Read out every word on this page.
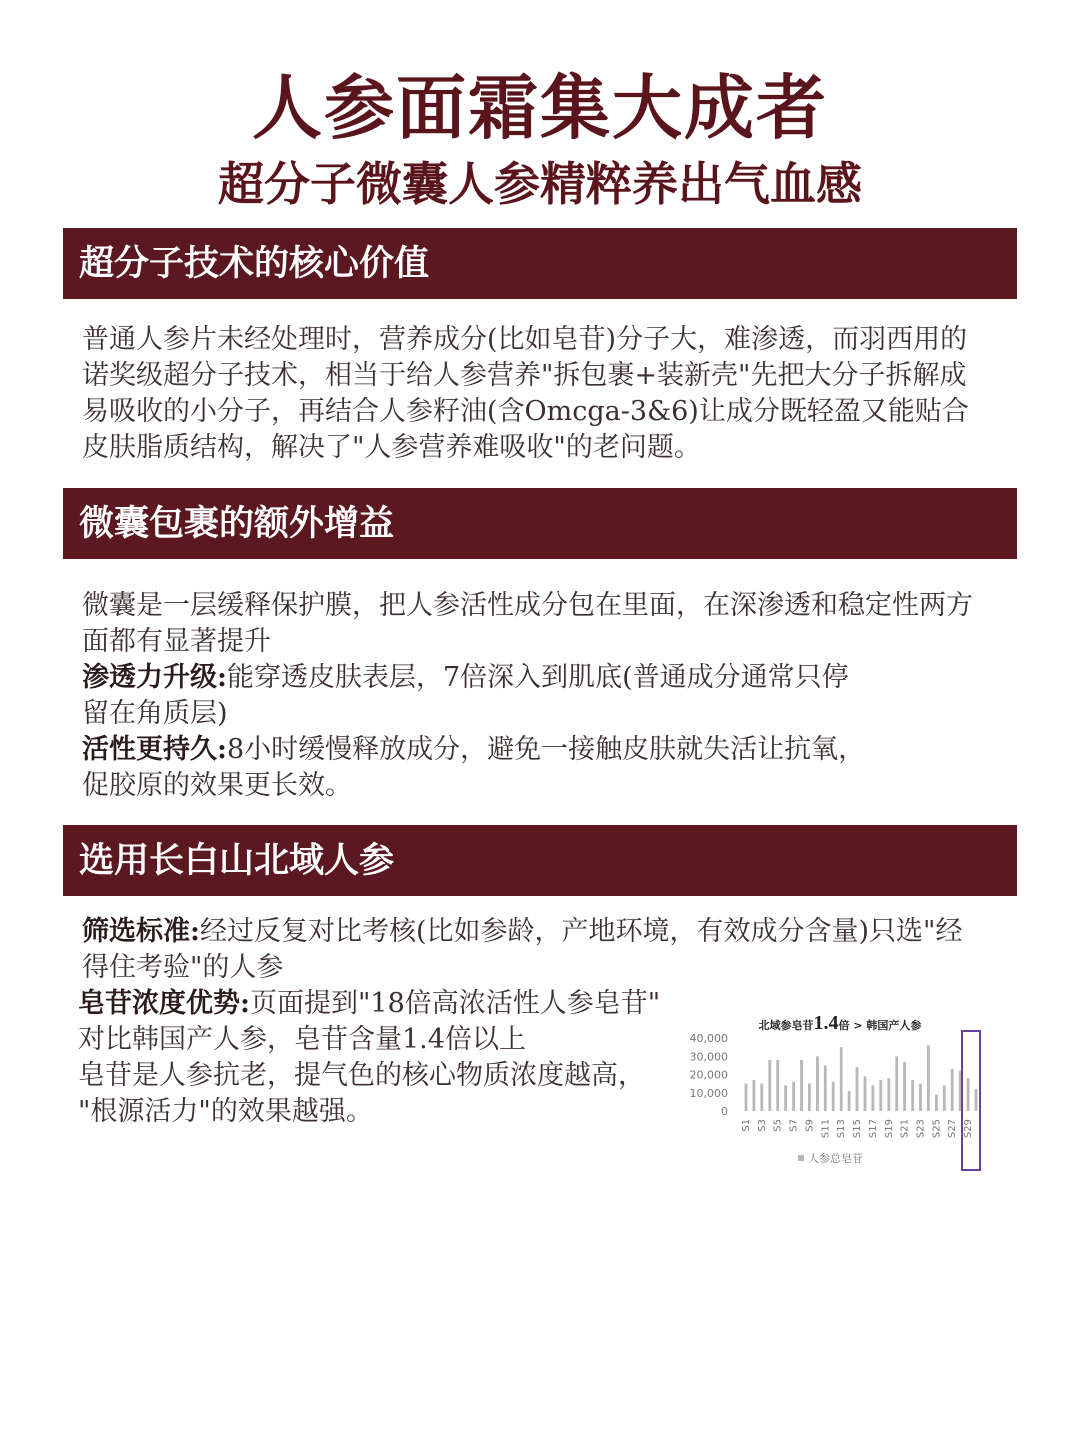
人参面霜集大成者
超分子微囊人参精粹养出气血感
超分子技术的核心价值
普通人参片未经处理时，营养成分(比如皂苷)分子大，难渗透，而羽西用的
诺奖级超分子技术，相当于给人参营养"拆包裹+装新壳"先把大分子拆解成
易吸收的小分子，再结合人参籽油(含Omcga-3&6)让成分既轻盈又能贴合
皮肤脂质结构，解决了"人参营养难吸收"的老问题。
微囊包裹的额外增益
微囊是一层缓释保护膜，把人参活性成分包在里面，在深渗透和稳定性两方
面都有显著提升
渗透力升级:能穿透皮肤表层，7倍深入到肌底(普通成分通常只停
留在角质层)
活性更持久:8小时缓慢释放成分，避免一接触皮肤就失活让抗氧，
促胶原的效果更长效。
选用长白山北域人参
筛选标准:经过反复对比考核(比如参龄，产地环境，有效成分含量)只选"经
得住考验"的人参
皂苷浓度优势:页面提到"18倍高浓活性人参皂苷"
对比韩国产人参，皂苷含量1.4倍以上
皂苷是人参抗老，提气色的核心物质浓度越高，
"根源活力"的效果越强。
北域参皂苷1.4倍 > 韩国产人参
40,000
30,000
20,000
10,000
0
S1 S3 S5 S7 S9 S11 S13 S15 S17 S19 S21 S23 S25 S27 S29
人参总皂苷
